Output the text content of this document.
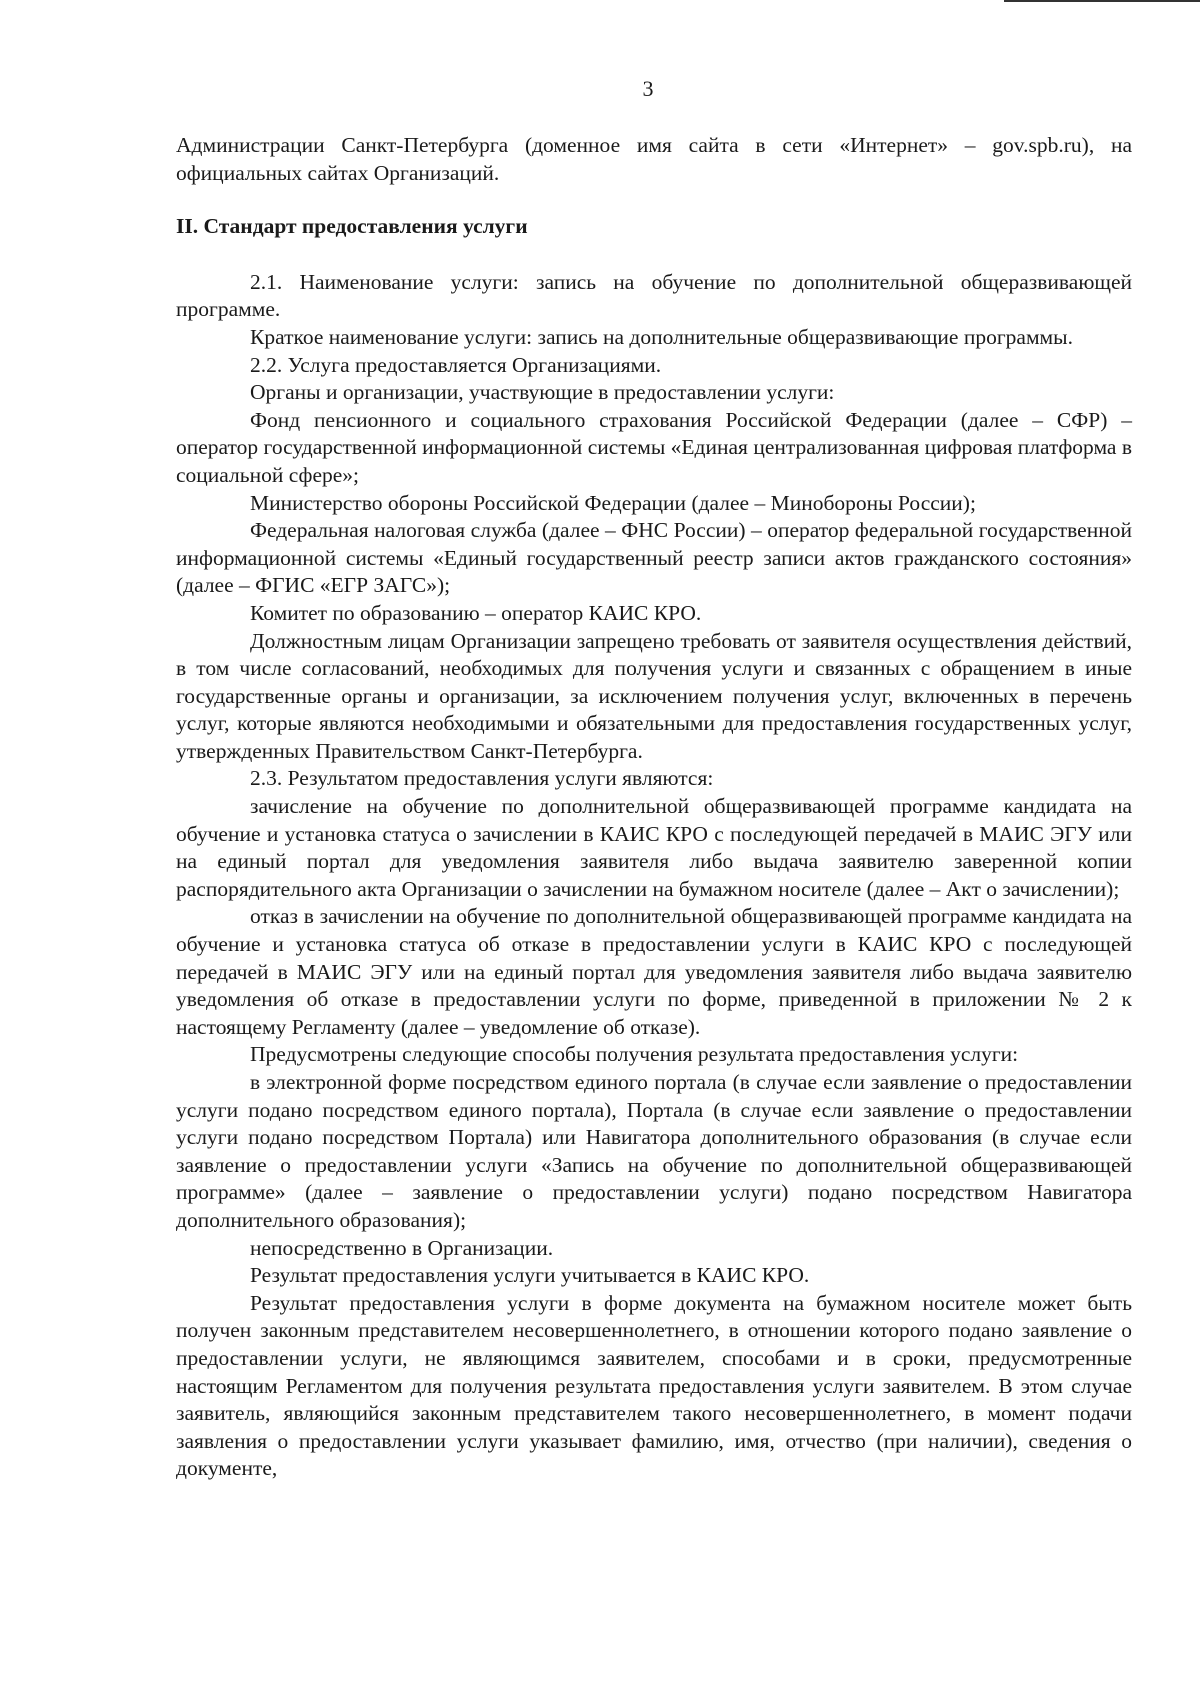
3

Администрации Санкт-Петербурга (доменное имя сайта в сети «Интернет» – gov.spb.ru), на официальных сайтах Организаций.

II. Стандарт предоставления услуги

2.1. Наименование услуги: запись на обучение по дополнительной общеразвивающей программе.

Краткое наименование услуги: запись на дополнительные общеразвивающие программы.

2.2. Услуга предоставляется Организациями.

Органы и организации, участвующие в предоставлении услуги:

Фонд пенсионного и социального страхования Российской Федерации (далее – СФР) – оператор государственной информационной системы «Единая централизованная цифровая платформа в социальной сфере»;

Министерство обороны Российской Федерации (далее – Минобороны России);

Федеральная налоговая служба (далее – ФНС России) – оператор федеральной государственной информационной системы «Единый государственный реестр записи актов гражданского состояния» (далее – ФГИС «ЕГР ЗАГС»);

Комитет по образованию – оператор КАИС КРО.

Должностным лицам Организации запрещено требовать от заявителя осуществления действий, в том числе согласований, необходимых для получения услуги и связанных с обращением в иные государственные органы и организации, за исключением получения услуг, включенных в перечень услуг, которые являются необходимыми и обязательными для предоставления государственных услуг, утвержденных Правительством Санкт-Петербурга.

2.3. Результатом предоставления услуги являются:

зачисление на обучение по дополнительной общеразвивающей программе кандидата на обучение и установка статуса о зачислении в КАИС КРО с последующей передачей в МАИС ЭГУ или на единый портал для уведомления заявителя либо выдача заявителю заверенной копии распорядительного акта Организации о зачислении на бумажном носителе (далее – Акт о зачислении);

отказ в зачислении на обучение по дополнительной общеразвивающей программе кандидата на обучение и установка статуса об отказе в предоставлении услуги в КАИС КРО с последующей передачей в МАИС ЭГУ или на единый портал для уведомления заявителя либо выдача заявителю уведомления об отказе в предоставлении услуги по форме, приведенной в приложении № 2 к настоящему Регламенту (далее – уведомление об отказе).

Предусмотрены следующие способы получения результата предоставления услуги:

в электронной форме посредством единого портала (в случае если заявление о предоставлении услуги подано посредством единого портала), Портала (в случае если заявление о предоставлении услуги подано посредством Портала) или Навигатора дополнительного образования (в случае если заявление о предоставлении услуги «Запись на обучение по дополнительной общеразвивающей программе» (далее – заявление о предоставлении услуги) подано посредством Навигатора дополнительного образования);

непосредственно в Организации.

Результат предоставления услуги учитывается в КАИС КРО.

Результат предоставления услуги в форме документа на бумажном носителе может быть получен законным представителем несовершеннолетнего, в отношении которого подано заявление о предоставлении услуги, не являющимся заявителем, способами и в сроки, предусмотренные настоящим Регламентом для получения результата предоставления услуги заявителем. В этом случае заявитель, являющийся законным представителем такого несовершеннолетнего, в момент подачи заявления о предоставлении услуги указывает фамилию, имя, отчество (при наличии), сведения о документе,
